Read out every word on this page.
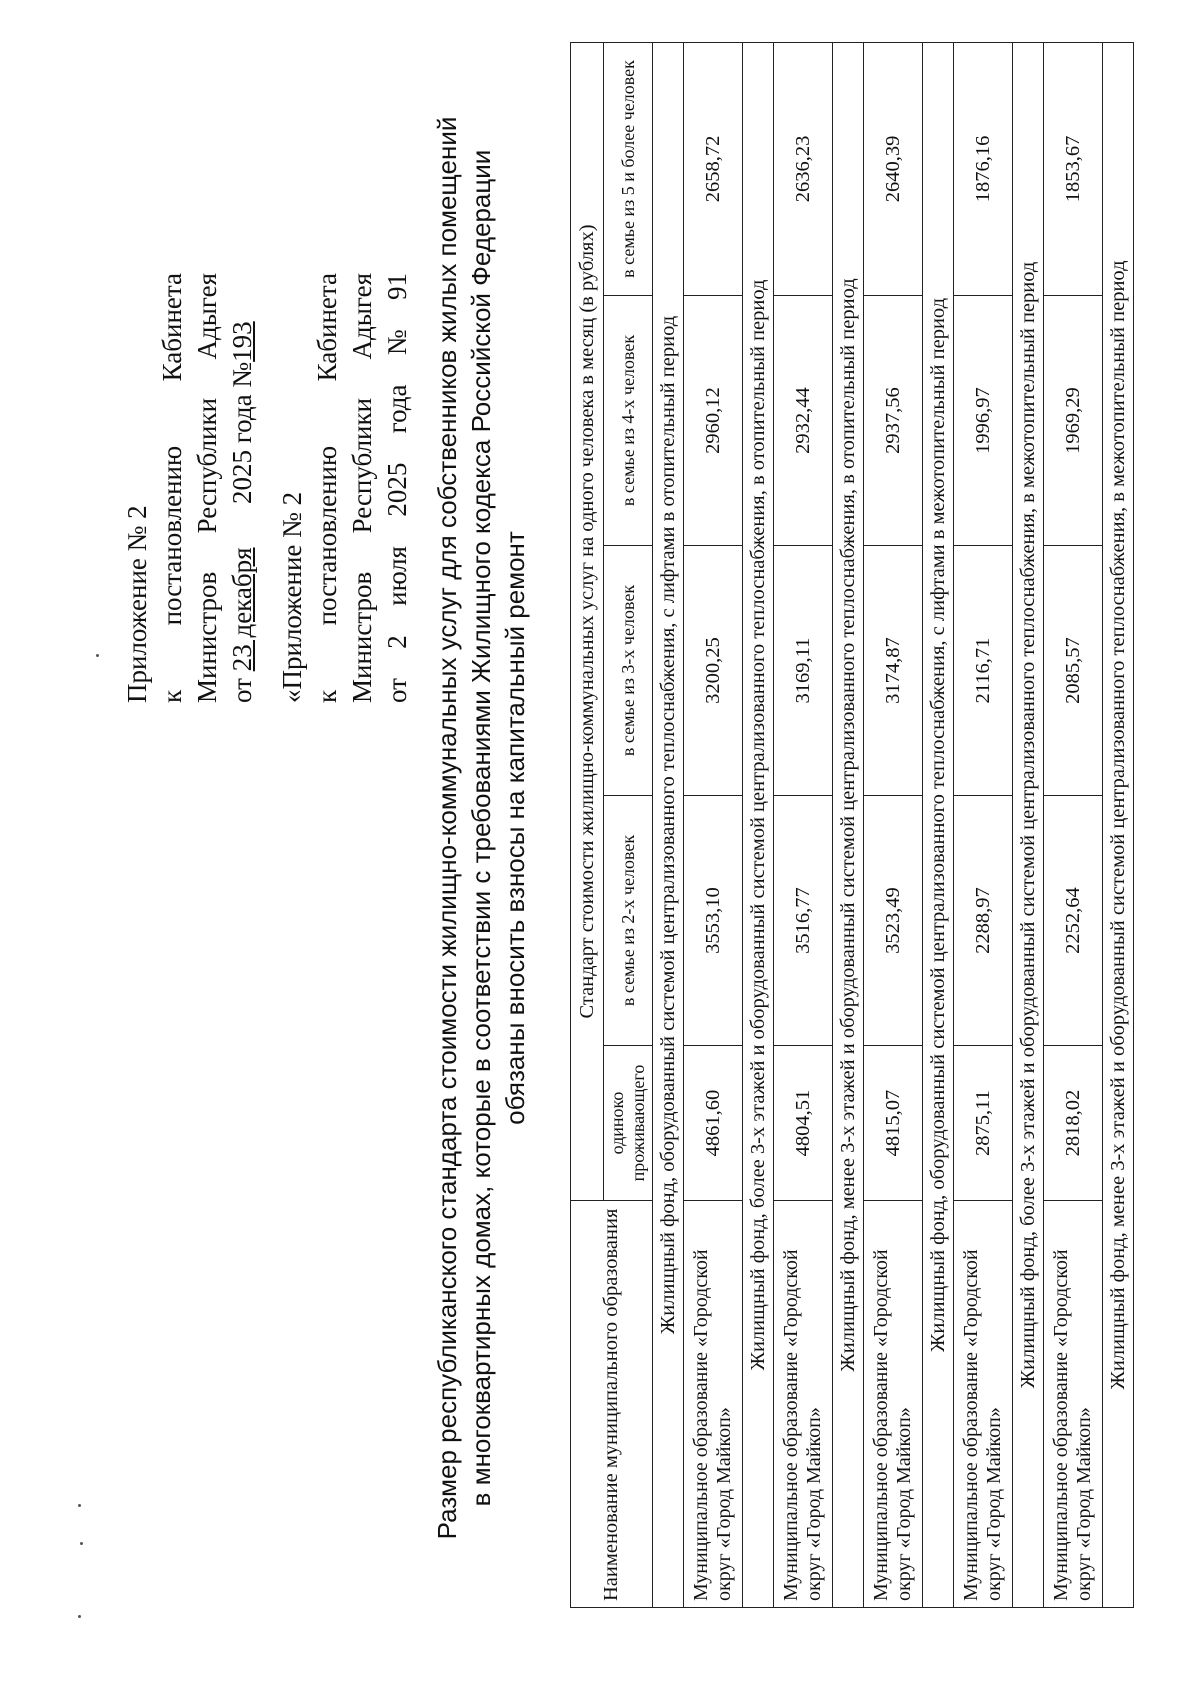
Приложение № 2 к
постановлению
Кабинета
Министров
Республики
Адыгея
от 23 декабря  2025 года №193
«Приложение № 2 к
постановлению
Кабинета
Министров
Республики
Адыгея
от
2
июля
2025
года
№
91 Размер республиканского стандарта стоимости жилищно-коммунальных услуг для собственников жилых помещений в многоквартирных домах, которые в соответствии с требованиями Жилищного кодекса Российской Федерации обязаны вносить взносы на капитальный ремонт
Наименование муниципального образования	Стандарт стоимости жилищно-коммунальных услуг на одного человека в месяц (в рублях)				
	одиноко проживающего	в семье из 2-х человек	в семье из 3-х человек	в семье из 4-х человек	в семье из 5 и более человек
Жилищный фонд, оборудованный системой централизованного теплоснабжения, с лифтами в отопительный период					
Муниципальное образование «Городской округ «Город Майкоп»	4861,60	3553,10	3200,25	2960,12	2658,72
Жилищный фонд, более 3-х этажей и оборудованный системой централизованного теплоснабжения, в отопительный период					
Муниципальное образование «Городской округ «Город Майкоп»	4804,51	3516,77	3169,11	2932,44	2636,23
Жилищный фонд, менее 3-х этажей и оборудованный системой централизованного теплоснабжения, в отопительный период					
Муниципальное образование «Городской округ «Город Майкоп»	4815,07	3523,49	3174,87	2937,56	2640,39
Жилищный фонд, оборудованный системой централизованного теплоснабжения, с лифтами в межотопительный период					
Муниципальное образование «Городской округ «Город Майкоп»	2875,11	2288,97	2116,71	1996,97	1876,16
Жилищный фонд, более 3-х этажей и оборудованный системой централизованного теплоснабжения, в межотопительный период					
Муниципальное образование «Городской округ «Город Майкоп»	2818,02	2252,64	2085,57	1969,29	1853,67
Жилищный фонд, менее 3-х этажей и оборудованный системой централизованного теплоснабжения, в межотопительный период					
